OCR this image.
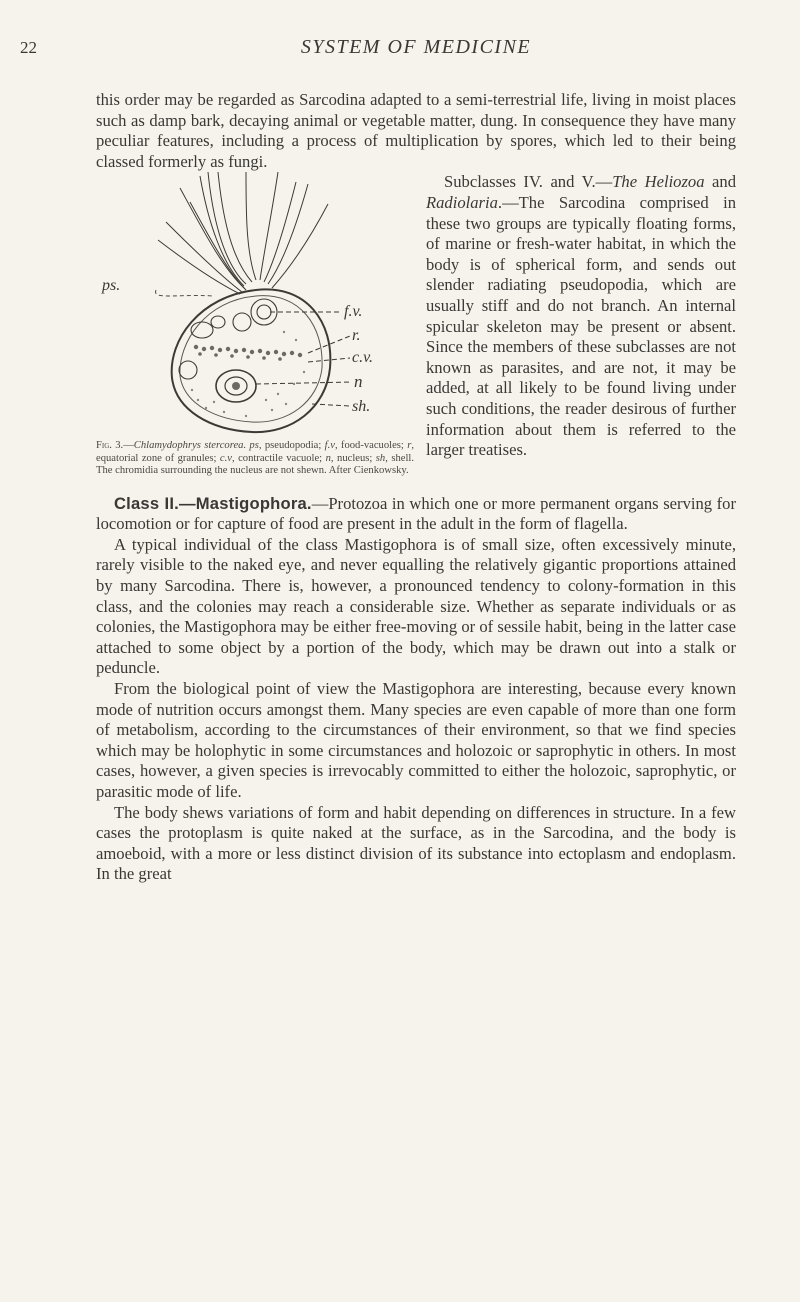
22	SYSTEM OF MEDICINE

this order may be regarded as Sarcodina adapted to a semi-terrestrial life, living in moist places such as damp bark, decaying animal or vegetable matter, dung. In consequence they have many peculiar features, including a process of multiplication by spores, which led to their being classed formerly as fungi.

ps.
f.v.
r.
c.v.
n
sh.
Fig. 3.—Chlamydophrys stercorea. ps, pseudopodia; f.v, food-vacuoles; r, equatorial zone of granules; c.v, contractile vacuole; n, nucleus; sh, shell. The chromidia surrounding the nucleus are not shewn. After Cienkowsky.

Subclasses IV. and V.—The Heliozoa and Radiolaria.—The Sarcodina comprised in these two groups are typically floating forms, of marine or fresh-water habitat, in which the body is of spherical form, and sends out slender radiating pseudopodia, which are usually stiff and do not branch. An internal spicular skeleton may be present or absent. Since the members of these subclasses are not known as parasites, and are not, it may be added, at all likely to be found living under such conditions, the reader desirous of further information about them is referred to the larger treatises.

Class II.—Mastigophora.—Protozoa in which one or more permanent organs serving for locomotion or for capture of food are present in the adult in the form of flagella.

A typical individual of the class Mastigophora is of small size, often excessively minute, rarely visible to the naked eye, and never equalling the relatively gigantic proportions attained by many Sarcodina. There is, however, a pronounced tendency to colony-formation in this class, and the colonies may reach a considerable size. Whether as separate individuals or as colonies, the Mastigophora may be either free-moving or of sessile habit, being in the latter case attached to some object by a portion of the body, which may be drawn out into a stalk or peduncle.

From the biological point of view the Mastigophora are interesting, because every known mode of nutrition occurs amongst them. Many species are even capable of more than one form of metabolism, according to the circumstances of their environment, so that we find species which may be holophytic in some circumstances and holozoic or saprophytic in others. In most cases, however, a given species is irrevocably committed to either the holozoic, saprophytic, or parasitic mode of life.

The body shews variations of form and habit depending on differences in structure. In a few cases the protoplasm is quite naked at the surface, as in the Sarcodina, and the body is amoeboid, with a more or less distinct division of its substance into ectoplasm and endoplasm. In the great
